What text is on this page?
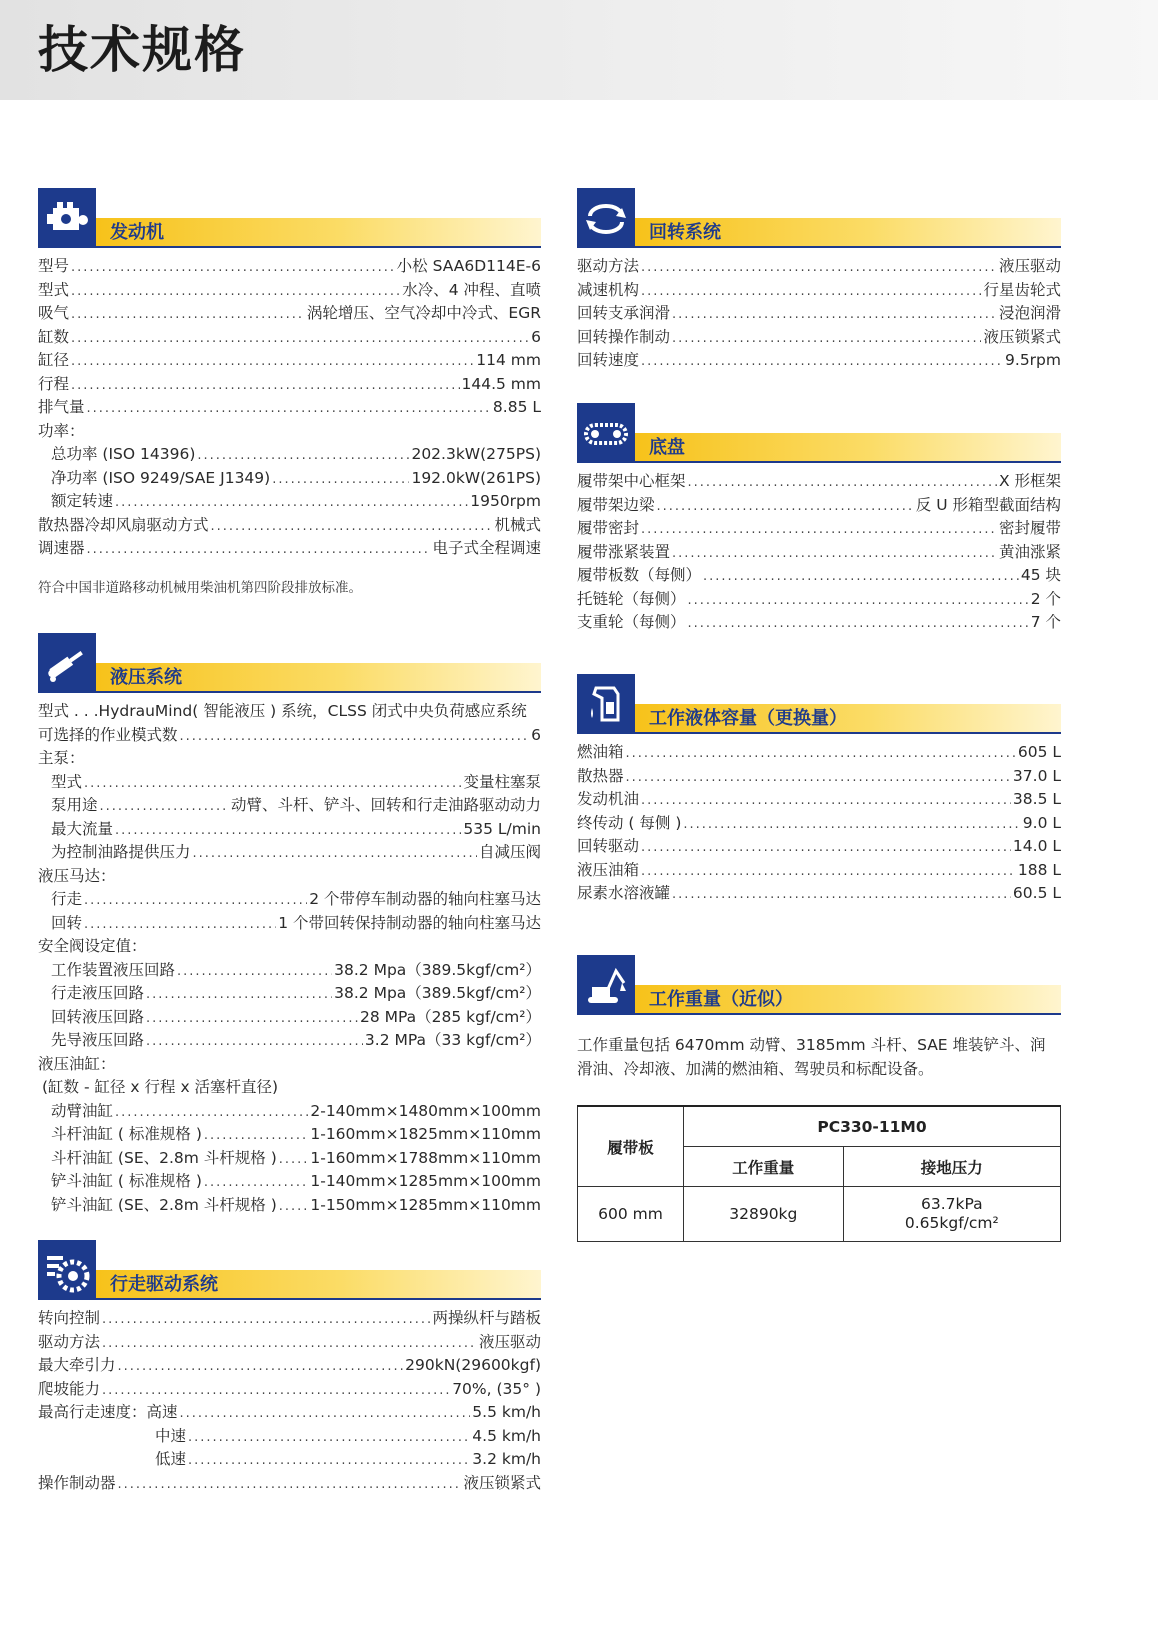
技术规格
发动机
型号 .....	小松 SAA6D114E-6
型式 .....	水冷、4 冲程、直喷
吸气 .....	涡轮增压、空气冷却中冷式、EGR
缸数 .....	6
缸径 .....	114 mm
行程 .....	144.5 mm
排气量 .....	8.85 L
功率：
总功率 (ISO 14396) .....	202.3kW(275PS)
净功率 (ISO 9249/SAE J1349) .....	192.0kW(261PS)
额定转速 .....	1950rpm
散热器冷却风扇驱动方式 .....	机械式
调速器 .....	电子式全程调速
符合中国非道路移动机械用柴油机第四阶段排放标准。
液压系统
型式 . . .HydrauMind( 智能液压 ) 系统，CLSS 闭式中央负荷感应系统
可选择的作业模式数 .....	6
主泵：
型式 .....	变量柱塞泵
泵用途 .....	动臂、斗杆、铲斗、回转和行走油路驱动动力
最大流量 .....	535 L/min
为控制油路提供压力 .....	自减压阀
液压马达：
行走 .....	2 个带停车制动器的轴向柱塞马达
回转 .....	1 个带回转保持制动器的轴向柱塞马达
安全阀设定值：
工作装置液压回路 .....	38.2 Mpa（389.5kgf/cm²）
行走液压回路 .....	38.2 Mpa（389.5kgf/cm²）
回转液压回路 .....	28 MPa（285 kgf/cm²）
先导液压回路 .....	3.2 MPa（33 kgf/cm²）
液压油缸：
(缸数 - 缸径 x 行程 x 活塞杆直径)
动臂油缸 .....	2-140mm×1480mm×100mm
斗杆油缸 ( 标准规格 ) .....	1-160mm×1825mm×110mm
斗杆油缸 (SE、2.8m 斗杆规格 ) ..... 1-160mm×1788mm×110mm
铲斗油缸 ( 标准规格 ) .....	1-140mm×1285mm×100mm
铲斗油缸 (SE、2.8m 斗杆规格 ) ..... 1-150mm×1285mm×110mm
行走驱动系统
转向控制 .....	两操纵杆与踏板
驱动方法 .....	液压驱动
最大牵引力 .....	290kN(29600kgf)
爬坡能力 .....	70%, (35° )
最高行走速度：高速 .....	5.5 km/h
中速 .....	4.5 km/h
低速 .....	3.2 km/h
操作制动器 .....	液压锁紧式
回转系统
驱动方法 .....	液压驱动
减速机构 .....	行星齿轮式
回转支承润滑 .....	浸泡润滑
回转操作制动 .....	液压锁紧式
回转速度 .....	9.5rpm
底盘
履带架中心框架 .....	X 形框架
履带架边梁 .....	反 U 形箱型截面结构
履带密封 .....	密封履带
履带涨紧装置 .....	黄油涨紧
履带板数（每侧） .....	45 块
托链轮（每侧） .....	2 个
支重轮（每侧） .....	7 个
工作液体容量（更换量）
燃油箱 .....	605 L
散热器 .....	37.0 L
发动机油 .....	38.5 L
终传动 ( 每侧 ) .....	9.0 L
回转驱动 .....	14.0 L
液压油箱 .....	188 L
尿素水溶液罐 .....	60.5 L
工作重量（近似）
工作重量包括 6470mm 动臂、3185mm 斗杆、SAE 堆装铲斗、润滑油、冷却液、加满的燃油箱、驾驶员和标配设备。
履带板	PC330-11M0	
	工作重量	接地压力
600 mm	32890kg	63.7kPa
0.65kgf/cm²
